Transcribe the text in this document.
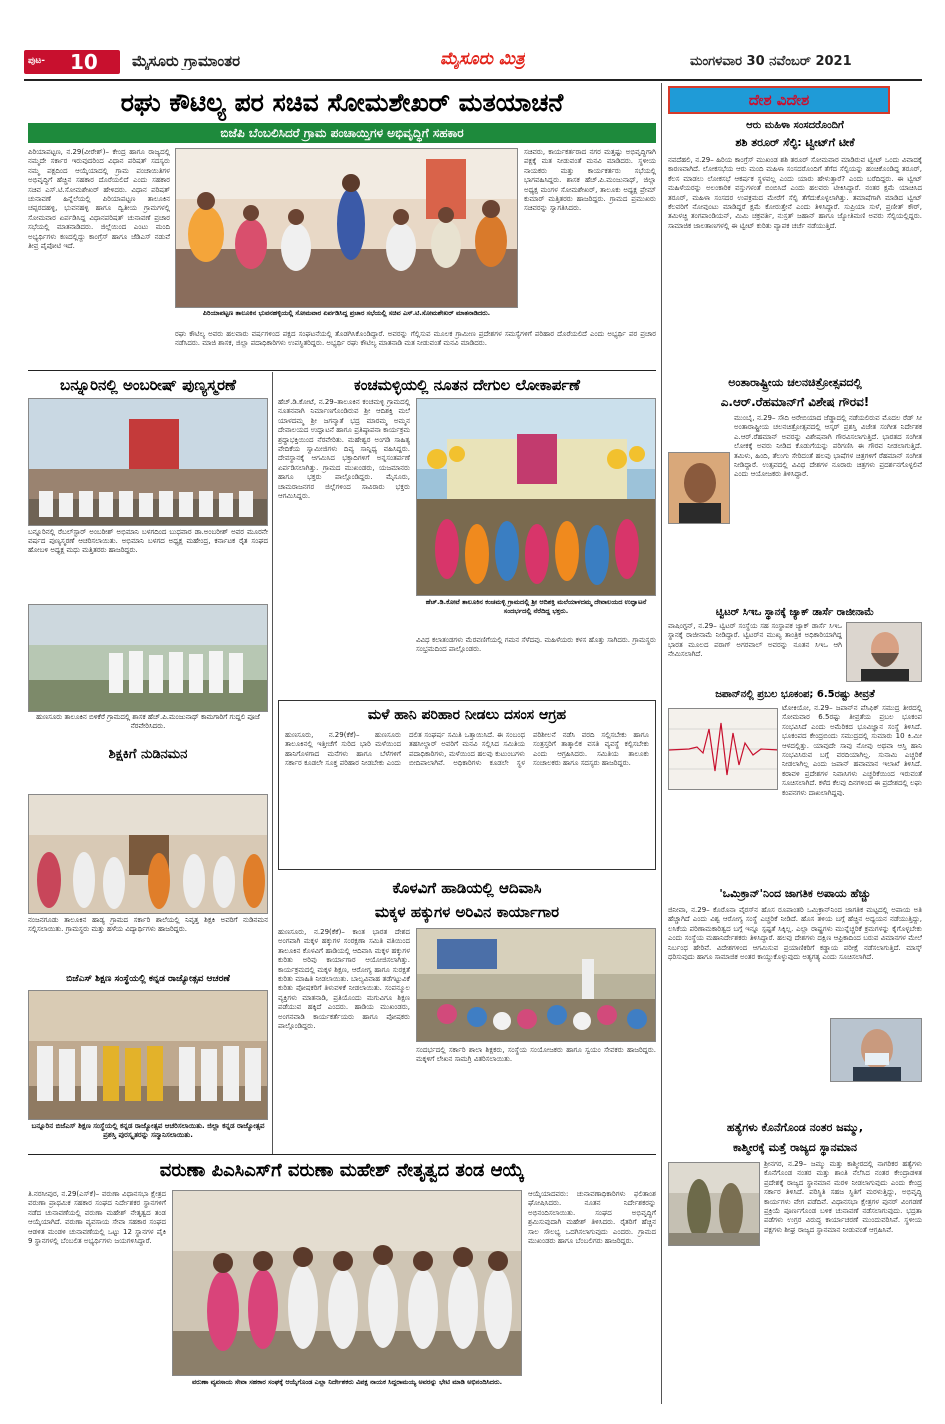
ಪುಟ- 10 ಮೈಸೂರು ಗ್ರಾಮಾಂತರ	ಮೈಸೂರು ಮಿತ್ರ	ಮಂಗಳವಾರ 30 ನವೆಂಬರ್ 2021
ರಘು ಕೌಟಿಲ್ಯ ಪರ ಸಚಿವ ಸೋಮಶೇಖರ್ ಮತಯಾಚನೆ
ಬಿಜೆಪಿ ಬೆಂಬಲಿಸಿದರೆ ಗ್ರಾಮ ಪಂಚಾಯ್ತಿಗಳ ಅಭಿವೃದ್ಧಿಗೆ ಸಹಕಾರ
ಪಿರಿಯಾಪಟ್ಟಣ, ನ.29(ವೀರೇಶ್)– ಕೇಂದ್ರ ಹಾಗೂ ರಾಜ್ಯದಲ್ಲಿ ನಮ್ಮದೇ ಸರ್ಕಾರ ಇರುವುದರಿಂದ ವಿಧಾನ ಪರಿಷತ್ ಸದಸ್ಯರು ನಮ್ಮ ಪಕ್ಷದಿಂದ ಆಯ್ಕೆಯಾದಲ್ಲಿ ಗ್ರಾಮ ಪಂಚಾಯಿತಿಗಳ ಅಭಿವೃದ್ಧಿಗೆ ಹೆಚ್ಚಿನ ಸಹಕಾರ ದೊರೆಯಲಿದೆ ಎಂದು ಸಹಕಾರ ಸಚಿವ ಎಸ್.ಟಿ.ಸೋಮಶೇಖರ್ ಹೇಳಿದರು. ವಿಧಾನ ಪರಿಷತ್ ಚುನಾವಣೆ ಹಿನ್ನೆಲೆಯಲ್ಲಿ ಪಿರಿಯಾಪಟ್ಟಣ ತಾಲೂಕಿನ ಚಪ್ಪರದಹಳ್ಳಿ, ಭುವನಹಳ್ಳಿ ಹಾಗೂ ದ್ವಿತೀಯ ಗ್ರಾಮಗಳಲ್ಲಿ ಸೋಮವಾರ ಏರ್ಪಡಿಸಿದ್ದ ವಿಧಾನಪರಿಷತ್ ಚುನಾವಣೆ ಪ್ರಚಾರ ಸಭೆಯಲ್ಲಿ ಮಾತನಾಡಿದರು. ಜಿಲ್ಲೆಯಿಂದ ಎಂಟು ಮಂದಿ ಅಭ್ಯರ್ಥಿಗಳು ಕಣದಲ್ಲಿದ್ದು ಕಾಂಗ್ರೆಸ್ ಹಾಗೂ ಜೆಡಿಎಸ್ ನಡುವೆ ತೀವ್ರ ಪೈಪೋಟಿ ಇದೆ.
ಪಿರಿಯಾಪಟ್ಟಣ ತಾಲೂಕಿನ ಭುವನಹಳ್ಳಿಯಲ್ಲಿ ಸೋಮವಾರ ಏರ್ಪಡಿಸಿದ್ದ ಪ್ರಚಾರ ಸಭೆಯಲ್ಲಿ ಸಚಿವ ಎಸ್.ಟಿ.ಸೋಮಶೇಖರ್ ಮಾತನಾಡಿದರು.
ಸಚಿವರು, ಕಾರ್ಯಕರ್ತರಾದ ನಗರ ಮತ್ತಷ್ಟು ಅಭಿವೃದ್ಧಿಗಾಗಿ ಪಕ್ಷಕ್ಕೆ ಮತ ನೀಡುವಂತೆ ಮನವಿ ಮಾಡಿದರು. ಸ್ಥಳೀಯ ನಾಯಕರು ಮತ್ತು ಕಾರ್ಯಕರ್ತರು ಸಭೆಯಲ್ಲಿ ಭಾಗವಹಿಸಿದ್ದರು. ಶಾಸಕ ಹೆಚ್.ಪಿ.ಮಂಜುನಾಥ್, ಜಿಲ್ಲಾ ಅಧ್ಯಕ್ಷ ಮಂಗಳ ಸೋಮಶೇಖರ್, ತಾಲೂಕು ಅಧ್ಯಕ್ಷ ಪ್ರೇಮ್ ಕುಮಾರ್ ಮತ್ತಿತರರು ಹಾಜರಿದ್ದರು. ಗ್ರಾಮದ ಪ್ರಮುಖರು ಸಚಿವರನ್ನು ಸ್ವಾಗತಿಸಿದರು.
ರಘು ಕೌಟಿಲ್ಯ ಅವರು ಹಲವಾರು ವರ್ಷಗಳಿಂದ ಪಕ್ಷದ ಸಂಘಟನೆಯಲ್ಲಿ ತೊಡಗಿಸಿಕೊಂಡಿದ್ದಾರೆ. ಅವರನ್ನು ಗೆಲ್ಲಿಸುವ ಮೂಲಕ ಗ್ರಾಮೀಣ ಪ್ರದೇಶಗಳ ಸಮಸ್ಯೆಗಳಿಗೆ ಪರಿಹಾರ ದೊರೆಯಲಿದೆ ಎಂದು ಅಭ್ಯರ್ಥಿ ಪರ ಪ್ರಚಾರ ನಡೆಸಿದರು. ಮಾಜಿ ಶಾಸಕ, ಜಿಲ್ಲಾ ಪದಾಧಿಕಾರಿಗಳು ಉಪಸ್ಥಿತರಿದ್ದರು. ಅಭ್ಯರ್ಥಿ ರಘು ಕೌಟಿಲ್ಯ ಮಾತನಾಡಿ ಮತ ನೀಡುವಂತೆ ಮನವಿ ಮಾಡಿದರು.
ಬನ್ನೂರಿನಲ್ಲಿ ಅಂಬರೀಷ್ ಪುಣ್ಯಸ್ಮರಣೆ
ಬನ್ನೂರಿನಲ್ಲಿ ರೆಬಲ್‌ಸ್ಟಾರ್ ಅಂಬರೀಶ್ ಅಭಿಮಾನಿ ಬಳಗದಿಂದ ಬುಧವಾರ ಡಾ.ಅಂಬರೀಶ್ ಅವರ ಮೂರನೇ ವರ್ಷದ ಪುಣ್ಯಸ್ಮರಣೆ ಆಚರಿಸಲಾಯಿತು. ಅಭಿಮಾನಿ ಬಳಗದ ಅಧ್ಯಕ್ಷ ಮಹೇಂದ್ರ, ಕರ್ನಾಟಕ ರೈತ ಸಂಘದ ಹೋಬಳಿ ಅಧ್ಯಕ್ಷ ಮಧು ಮತ್ತಿತರರು ಹಾಜರಿದ್ದರು.
ಹುಣಸೂರು ತಾಲೂಕಿನ ಬಿಳಿಕೆರೆ ಗ್ರಾಮದಲ್ಲಿ ಶಾಸಕ ಹೆಚ್.ಪಿ.ಮಂಜುನಾಥ್ ಕಾಮಗಾರಿಗೆ ಗುದ್ದಲಿ ಪೂಜೆ ನೆರವೇರಿಸಿದರು.
ಶಿಕ್ಷಕಿಗೆ ನುಡಿನಮನ
ನಂಜನಗೂಡು ತಾಲೂಕಿನ ಹಾಡ್ಯ ಗ್ರಾಮದ ಸರ್ಕಾರಿ ಶಾಲೆಯಲ್ಲಿ ನಿವೃತ್ತ ಶಿಕ್ಷಕಿ ಅವರಿಗೆ ನುಡಿನಮನ ಸಲ್ಲಿಸಲಾಯಿತು. ಗ್ರಾಮಸ್ಥರು ಮತ್ತು ಹಳೆಯ ವಿದ್ಯಾರ್ಥಿಗಳು ಹಾಜರಿದ್ದರು.
ಬಿಜೆಎಸ್ ಶಿಕ್ಷಣ ಸಂಸ್ಥೆಯಲ್ಲಿ ಕನ್ನಡ ರಾಜ್ಯೋತ್ಸವ ಆಚರಣೆ
ಬನ್ನೂರಿನ ಬಿಜೆಎಸ್ ಶಿಕ್ಷಣ ಸಂಸ್ಥೆಯಲ್ಲಿ ಕನ್ನಡ ರಾಜ್ಯೋತ್ಸವ ಆಚರಿಸಲಾಯಿತು. ಜಿಲ್ಲಾ ಕನ್ನಡ ರಾಜ್ಯೋತ್ಸವ ಪ್ರಶಸ್ತಿ ಪುರಸ್ಕೃತರನ್ನು ಸನ್ಮಾನಿಸಲಾಯಿತು.
ಕಂಚಮಳ್ಳಿಯಲ್ಲಿ ನೂತನ ದೇಗುಲ ಲೋಕಾರ್ಪಣೆ
ಹೆಚ್.ಡಿ.ಕೋಟೆ, ನ.29–ತಾಲೂಕಿನ ಕಂಚಮಳ್ಳಿ ಗ್ರಾಮದಲ್ಲಿ ನೂತನವಾಗಿ ನಿರ್ಮಾಣಗೊಂಡಿರುವ ಶ್ರೀ ಆದಿಶಕ್ತಿ ಮಲೆ ಯಾಳದಮ್ಮ ಶ್ರೀ ಜಗನ್ಮಾತೆ ಭದ್ರ ಮಾರಮ್ಮ ಅಮ್ಮನ ದೇವಾಲಯದ ಉದ್ಘಾಟನೆ ಹಾಗೂ ಪ್ರತಿಷ್ಠಾಪನಾ ಕಾರ್ಯಕ್ರಮ ಶ್ರದ್ಧಾಭಕ್ತಿಯಿಂದ ನೆರವೇರಿತು. ಮಹೇಶ್ವರ ಅಂಗಡಿ ಸಾಹಿತ್ಯ ವೇದಿಕೆಯ ಸ್ವಾಮೀಜಿಗಳು ದಿವ್ಯ ಸಾನ್ನಿಧ್ಯ ವಹಿಸಿದ್ದರು. ದೇವಸ್ಥಾನಕ್ಕೆ ಆಗಮಿಸಿದ ಭಕ್ತಾದಿಗಳಿಗೆ ಅನ್ನಸಂತರ್ಪಣೆ ಏರ್ಪಡಿಸಲಾಗಿತ್ತು. ಗ್ರಾಮದ ಮುಖಂಡರು, ಯಜಮಾನರು ಹಾಗೂ ಭಕ್ತರು ಪಾಲ್ಗೊಂಡಿದ್ದರು. ಮೈಸೂರು, ಚಾಮರಾಜನಗರ ಜಿಲ್ಲೆಗಳಿಂದ ಸಾವಿರಾರು ಭಕ್ತರು ಆಗಮಿಸಿದ್ದರು.
ಹೆಚ್.ಡಿ.ಕೋಟೆ ತಾಲೂಕಿನ ಕಂಚಮಳ್ಳಿ ಗ್ರಾಮದಲ್ಲಿ ಶ್ರೀ ಆದಿಶಕ್ತಿ ಮಲೆಯಾಳದಮ್ಮ ದೇವಾಲಯದ ಉದ್ಘಾಟನೆ ಸಂದರ್ಭದಲ್ಲಿ ನೆರೆದಿದ್ದ ಭಕ್ತರು.
ವಿವಿಧ ಕಲಾತಂಡಗಳು ಮೆರವಣಿಗೆಯಲ್ಲಿ ಗಮನ ಸೆಳೆದವು. ಮಹಿಳೆಯರು ಕಳಸ ಹೊತ್ತು ಸಾಗಿದರು. ಗ್ರಾಮಸ್ಥರು ಸಂಭ್ರಮದಿಂದ ಪಾಲ್ಗೊಂಡರು.
ಮಳೆ ಹಾನಿ ಪರಿಹಾರ ನೀಡಲು ದಸಂಸ ಆಗ್ರಹ
ಹುಣಸೂರು, ನ.29(ಕೆಕೆ)– ಹುಣಸೂರು ತಾಲೂಕಿನಲ್ಲಿ ಇತ್ತೀಚೆಗೆ ಸುರಿದ ಭಾರಿ ಮಳೆಯಿಂದ ಹಾನಿಗೊಳಗಾದ ಮನೆಗಳು ಹಾಗೂ ಬೆಳೆಗಳಿಗೆ ಸರ್ಕಾರ ಕೂಡಲೇ ಸೂಕ್ತ ಪರಿಹಾರ ನೀಡಬೇಕು ಎಂದು ದಲಿತ ಸಂಘರ್ಷ ಸಮಿತಿ ಒತ್ತಾಯಿಸಿದೆ. ಈ ಸಂಬಂಧ ತಹಸೀಲ್ದಾರ್ ಅವರಿಗೆ ಮನವಿ ಸಲ್ಲಿಸಿದ ಸಮಿತಿಯ ಪದಾಧಿಕಾರಿಗಳು, ಮಳೆಯಿಂದ ಹಲವು ಕುಟುಂಬಗಳು ಬೀದಿಪಾಲಾಗಿವೆ. ಅಧಿಕಾರಿಗಳು ಕೂಡಲೇ ಸ್ಥಳ ಪರಿಶೀಲನೆ ನಡೆಸಿ ವರದಿ ಸಲ್ಲಿಸಬೇಕು ಹಾಗೂ ಸಂತ್ರಸ್ತರಿಗೆ ತಾತ್ಕಾಲಿಕ ವಸತಿ ವ್ಯವಸ್ಥೆ ಕಲ್ಪಿಸಬೇಕು ಎಂದು ಆಗ್ರಹಿಸಿದರು. ಸಮಿತಿಯ ತಾಲೂಕು ಸಂಚಾಲಕರು ಹಾಗೂ ಸದಸ್ಯರು ಹಾಜರಿದ್ದರು.
ಕೊಳವಿಗೆ ಹಾಡಿಯಲ್ಲಿ ಆದಿವಾಸಿ
ಮಕ್ಕಳ ಹಕ್ಕುಗಳ ಅರಿವಿನ ಕಾರ್ಯಾಗಾರ
ಹುಣಸೂರು, ನ.29(ಕೆಕೆ)– ಕಾಂತ ಭಾರತ ದೇಶದ ಅಂಗವಾಗಿ ಮಕ್ಕಳ ಹಕ್ಕುಗಳ ಸಂರಕ್ಷಣಾ ಸಮಿತಿ ವತಿಯಿಂದ ತಾಲೂಕಿನ ಕೊಳವಿಗೆ ಹಾಡಿಯಲ್ಲಿ ಆದಿವಾಸಿ ಮಕ್ಕಳ ಹಕ್ಕುಗಳ ಕುರಿತು ಅರಿವು ಕಾರ್ಯಾಗಾರ ಆಯೋಜಿಸಲಾಗಿತ್ತು. ಕಾರ್ಯಕ್ರಮದಲ್ಲಿ ಮಕ್ಕಳ ಶಿಕ್ಷಣ, ಆರೋಗ್ಯ ಹಾಗೂ ಸುರಕ್ಷತೆ ಕುರಿತು ಮಾಹಿತಿ ನೀಡಲಾಯಿತು. ಬಾಲ್ಯವಿವಾಹ ತಡೆಗಟ್ಟುವಿಕೆ ಕುರಿತು ಪೋಷಕರಿಗೆ ತಿಳುವಳಿಕೆ ನೀಡಲಾಯಿತು. ಸಂಪನ್ಮೂಲ ವ್ಯಕ್ತಿಗಳು ಮಾತನಾಡಿ, ಪ್ರತಿಯೊಂದು ಮಗುವಿಗೂ ಶಿಕ್ಷಣ ಪಡೆಯುವ ಹಕ್ಕಿದೆ ಎಂದರು. ಹಾಡಿಯ ಮುಖಂಡರು, ಅಂಗನವಾಡಿ ಕಾರ್ಯಕರ್ತೆಯರು ಹಾಗೂ ಪೋಷಕರು ಪಾಲ್ಗೊಂಡಿದ್ದರು.
ಸಂದರ್ಭದಲ್ಲಿ ಸರ್ಕಾರಿ ಶಾಲಾ ಶಿಕ್ಷಕರು, ಸಂಸ್ಥೆಯ ಸಂಯೋಜಕರು ಹಾಗೂ ಸ್ವಯಂ ಸೇವಕರು ಹಾಜರಿದ್ದರು. ಮಕ್ಕಳಿಗೆ ಲೇಖನ ಸಾಮಗ್ರಿ ವಿತರಿಸಲಾಯಿತು.
ವರುಣಾ ಪಿಎಸಿಎಸ್‌ಗೆ ವರುಣಾ ಮಹೇಶ್ ನೇತೃತ್ವದ ತಂಡ ಆಯ್ಕೆ
ತಿ.ನರಸೀಪುರ, ನ.29(ಎಸ್‌ಕೆ)– ವರುಣಾ ವಿಧಾನಸಭಾ ಕ್ಷೇತ್ರದ ವರುಣಾ ಪ್ರಾಥಮಿಕ ಸಹಕಾರ ಸಂಘದ ನಿರ್ದೇಶಕರ ಸ್ಥಾನಗಳಿಗೆ ನಡೆದ ಚುನಾವಣೆಯಲ್ಲಿ ವರುಣಾ ಮಹೇಶ್ ನೇತೃತ್ವದ ತಂಡ ಆಯ್ಕೆಯಾಗಿದೆ. ವರುಣಾ ವ್ಯವಸಾಯ ಸೇವಾ ಸಹಕಾರ ಸಂಘದ ಆಡಳಿತ ಮಂಡಳಿ ಚುನಾವಣೆಯಲ್ಲಿ ಒಟ್ಟು 12 ಸ್ಥಾನಗಳ ಪೈಕಿ 9 ಸ್ಥಾನಗಳಲ್ಲಿ ಬೆಂಬಲಿತ ಅಭ್ಯರ್ಥಿಗಳು ಜಯಗಳಿಸಿದ್ದಾರೆ.
ವರುಣಾ ವ್ಯವಸಾಯ ಸೇವಾ ಸಹಕಾರ ಸಂಘಕ್ಕೆ ಆಯ್ಕೆಗೊಂಡ ಎಲ್ಲಾ ನಿರ್ದೇಶಕರು ವಿಪಕ್ಷ ನಾಯಕ ಸಿದ್ದರಾಮಯ್ಯ ಅವರನ್ನು ಭೇಟಿ ಮಾಡಿ ಅಭಿನಂದಿಸಿದರು.
ಆಯ್ಕೆಯಾದವರು: ಚುನಾವಣಾಧಿಕಾರಿಗಳು ಫಲಿತಾಂಶ ಘೋಷಿಸಿದರು. ನೂತನ ನಿರ್ದೇಶಕರನ್ನು ಅಭಿನಂದಿಸಲಾಯಿತು. ಸಂಘದ ಅಭಿವೃದ್ಧಿಗೆ ಶ್ರಮಿಸುವುದಾಗಿ ಮಹೇಶ್ ತಿಳಿಸಿದರು. ರೈತರಿಗೆ ಹೆಚ್ಚಿನ ಸಾಲ ಸೌಲಭ್ಯ ಒದಗಿಸಲಾಗುವುದು ಎಂದರು. ಗ್ರಾಮದ ಮುಖಂಡರು ಹಾಗೂ ಬೆಂಬಲಿಗರು ಹಾಜರಿದ್ದರು.
ದೇಶ ವಿದೇಶ
ಆರು ಮಹಿಳಾ ಸಂಸದರೊಂದಿಗೆ
ಶಶಿ ತರೂರ್ ಸೆಲ್ಫಿ: ಟ್ವೀಟ್‌ಗೆ ಟೀಕೆ
ನವದೆಹಲಿ, ನ.29– ಹಿರಿಯ ಕಾಂಗ್ರೆಸ್ ಮುಖಂಡ ಶಶಿ ತರೂರ್ ಸೋಮವಾರ ಮಾಡಿರುವ ಟ್ವೀಟ್ ಒಂದು ವಿವಾದಕ್ಕೆ ಕಾರಣವಾಗಿದೆ. ಲೋಕಸಭೆಯ ಆರು ಮಂದಿ ಮಹಿಳಾ ಸಂಸದರೊಂದಿಗೆ ತೆಗೆದ ಸೆಲ್ಫಿಯನ್ನು ಹಂಚಿಕೊಂಡಿದ್ದ ತರೂರ್, ಕೆಲಸ ಮಾಡಲು ಲೋಕಸಭೆ ಆಕರ್ಷಕ ಸ್ಥಳವಲ್ಲ ಎಂದು ಯಾರು ಹೇಳುತ್ತಾರೆ? ಎಂದು ಬರೆದಿದ್ದರು. ಈ ಟ್ವೀಟ್ ಮಹಿಳೆಯರನ್ನು ಅಲಂಕಾರಿಕ ವಸ್ತುಗಳಂತೆ ಬಿಂಬಿಸಿದೆ ಎಂದು ಹಲವರು ಟೀಕಿಸಿದ್ದಾರೆ. ನಂತರ ಕ್ಷಮೆ ಯಾಚಿಸಿದ ತರೂರ್, ಮಹಿಳಾ ಸಂಸದರ ಉಪಕ್ರಮದ ಮೇರೆಗೆ ಸೆಲ್ಫಿ ತೆಗೆದುಕೊಳ್ಳಲಾಗಿತ್ತು. ತಮಾಷೆಗಾಗಿ ಮಾಡಿದ ಟ್ವೀಟ್ ಕೆಲವರಿಗೆ ನೋವುಂಟು ಮಾಡಿದ್ದರೆ ಕ್ಷಮೆ ಕೋರುತ್ತೇನೆ ಎಂದು ತಿಳಿಸಿದ್ದಾರೆ. ಸುಪ್ರಿಯಾ ಸುಳೆ, ಪ್ರಣೀತ್ ಕೌರ್, ತಮಿಳಚ್ಚಿ ತಂಗಪಾಂಡಿಯನ್, ಮಿಮಿ ಚಕ್ರವರ್ತಿ, ನುಸ್ರತ್ ಜಹಾನ್ ಹಾಗೂ ಜ್ಯೋತಿಮಣಿ ಅವರು ಸೆಲ್ಫಿಯಲ್ಲಿದ್ದರು. ಸಾಮಾಜಿಕ ಜಾಲತಾಣಗಳಲ್ಲಿ ಈ ಟ್ವೀಟ್ ಕುರಿತು ವ್ಯಾಪಕ ಚರ್ಚೆ ನಡೆಯುತ್ತಿದೆ.
ಅಂತಾರಾಷ್ಟ್ರೀಯ ಚಲನಚಿತ್ರೋತ್ಸವದಲ್ಲಿ
ಎ.ಆರ್.ರೆಹಮಾನ್‌ಗೆ ವಿಶೇಷ ಗೌರವ!
ಮುಂಬೈ, ನ.29– ಸೌದಿ ಅರೇಬಿಯಾದ ಜೆಡ್ಡಾದಲ್ಲಿ ನಡೆಯಲಿರುವ ಮೊದಲ ರೆಡ್ ಸೀ ಅಂತಾರಾಷ್ಟ್ರೀಯ ಚಲನಚಿತ್ರೋತ್ಸವದಲ್ಲಿ ಆಸ್ಕರ್ ಪ್ರಶಸ್ತಿ ವಿಜೇತ ಸಂಗೀತ ನಿರ್ದೇಶಕ ಎ.ಆರ್.ರೆಹಮಾನ್ ಅವರನ್ನು ವಿಶೇಷವಾಗಿ ಗೌರವಿಸಲಾಗುತ್ತಿದೆ. ಭಾರತದ ಸಂಗೀತ ಲೋಕಕ್ಕೆ ಅವರು ನೀಡಿದ ಕೊಡುಗೆಯನ್ನು ಪರಿಗಣಿಸಿ ಈ ಗೌರವ ನೀಡಲಾಗುತ್ತಿದೆ. ತಮಿಳು, ಹಿಂದಿ, ತೆಲುಗು ಸೇರಿದಂತೆ ಹಲವು ಭಾಷೆಗಳ ಚಿತ್ರಗಳಿಗೆ ರೆಹಮಾನ್ ಸಂಗೀತ ನೀಡಿದ್ದಾರೆ. ಉತ್ಸವದಲ್ಲಿ ವಿವಿಧ ದೇಶಗಳ ನೂರಾರು ಚಿತ್ರಗಳು ಪ್ರದರ್ಶನಗೊಳ್ಳಲಿವೆ ಎಂದು ಆಯೋಜಕರು ತಿಳಿಸಿದ್ದಾರೆ.
ಟ್ವಿಟರ್ ಸಿಇಒ ಸ್ಥಾನಕ್ಕೆ ಜ್ಯಾಕ್ ಡಾರ್ಸೆ ರಾಜೀನಾಮೆ
ವಾಷಿಂಗ್ಟನ್, ನ.29– ಟ್ವಿಟರ್ ಸಂಸ್ಥೆಯ ಸಹ ಸಂಸ್ಥಾಪಕ ಜ್ಯಾಕ್ ಡಾರ್ಸೆ ಸಿಇಒ ಸ್ಥಾನಕ್ಕೆ ರಾಜೀನಾಮೆ ನೀಡಿದ್ದಾರೆ. ಟ್ವಿಟರ್‌ನ ಮುಖ್ಯ ತಾಂತ್ರಿಕ ಅಧಿಕಾರಿಯಾಗಿದ್ದ ಭಾರತ ಮೂಲದ ಪರಾಗ್ ಅಗರವಾಲ್ ಅವರನ್ನು ನೂತನ ಸಿಇಒ ಆಗಿ ನೇಮಿಸಲಾಗಿದೆ.
ಜಪಾನ್‌ನಲ್ಲಿ ಪ್ರಬಲ ಭೂಕಂಪ; 6.5ರಷ್ಟು ತೀವ್ರತೆ
ಟೋಕಿಯೋ, ನ.29– ಜಪಾನ್‌ನ ಪೆಸಿಫಿಕ್ ಸಮುದ್ರ ತೀರದಲ್ಲಿ ಸೋಮವಾರ 6.5ರಷ್ಟು ತೀವ್ರತೆಯ ಪ್ರಬಲ ಭೂಕಂಪ ಸಂಭವಿಸಿದೆ ಎಂದು ಅಮೆರಿಕದ ಭೂವಿಜ್ಞಾನ ಸಂಸ್ಥೆ ತಿಳಿಸಿದೆ. ಭೂಕಂಪದ ಕೇಂದ್ರಬಿಂದು ಸಮುದ್ರದಲ್ಲಿ ಸುಮಾರು 10 ಕಿ.ಮೀ ಆಳದಲ್ಲಿತ್ತು. ಯಾವುದೇ ಸಾವು ನೋವು ಅಥವಾ ಆಸ್ತಿ ಹಾನಿ ಸಂಭವಿಸಿರುವ ಬಗ್ಗೆ ವರದಿಯಾಗಿಲ್ಲ. ಸುನಾಮಿ ಎಚ್ಚರಿಕೆ ನೀಡಲಾಗಿಲ್ಲ ಎಂದು ಜಪಾನ್ ಹವಾಮಾನ ಇಲಾಖೆ ತಿಳಿಸಿದೆ. ಕರಾವಳಿ ಪ್ರದೇಶಗಳ ನಿವಾಸಿಗಳು ಎಚ್ಚರಿಕೆಯಿಂದ ಇರುವಂತೆ ಸೂಚಿಸಲಾಗಿದೆ. ಕಳೆದ ಕೆಲವು ದಿನಗಳಿಂದ ಈ ಪ್ರದೇಶದಲ್ಲಿ ಲಘು ಕಂಪನಗಳು ದಾಖಲಾಗಿದ್ದವು.
'ಒಮಿಕ್ರಾನ್'ನಿಂದ ಜಾಗತಿಕ ಅಪಾಯ ಹೆಚ್ಚು
ಜಿನೀವಾ, ನ.29– ಕೊರೊನಾ ವೈರಸ್‌ನ ಹೊಸ ರೂಪಾಂತರಿ ಒಮಿಕ್ರಾನ್‌ನಿಂದ ಜಾಗತಿಕ ಮಟ್ಟದಲ್ಲಿ ಅಪಾಯ ಅತಿ ಹೆಚ್ಚಾಗಿದೆ ಎಂದು ವಿಶ್ವ ಆರೋಗ್ಯ ಸಂಸ್ಥೆ ಎಚ್ಚರಿಕೆ ನೀಡಿದೆ. ಹೊಸ ತಳಿಯ ಬಗ್ಗೆ ಹೆಚ್ಚಿನ ಅಧ್ಯಯನ ನಡೆಯುತ್ತಿದ್ದು, ಲಸಿಕೆಯ ಪರಿಣಾಮಕಾರಿತ್ವದ ಬಗ್ಗೆ ಇನ್ನೂ ಸ್ಪಷ್ಟತೆ ಸಿಕ್ಕಿಲ್ಲ. ಎಲ್ಲಾ ರಾಷ್ಟ್ರಗಳು ಮುನ್ನೆಚ್ಚರಿಕೆ ಕ್ರಮಗಳನ್ನು ಕೈಗೊಳ್ಳಬೇಕು ಎಂದು ಸಂಸ್ಥೆಯ ಮಹಾನಿರ್ದೇಶಕರು ತಿಳಿಸಿದ್ದಾರೆ. ಹಲವು ದೇಶಗಳು ದಕ್ಷಿಣ ಆಫ್ರಿಕಾದಿಂದ ಬರುವ ವಿಮಾನಗಳ ಮೇಲೆ ನಿರ್ಬಂಧ ಹೇರಿವೆ. ವಿದೇಶಗಳಿಂದ ಆಗಮಿಸುವ ಪ್ರಯಾಣಿಕರಿಗೆ ಕಡ್ಡಾಯ ಪರೀಕ್ಷೆ ನಡೆಸಲಾಗುತ್ತಿದೆ. ಮಾಸ್ಕ್ ಧರಿಸುವುದು ಹಾಗೂ ಸಾಮಾಜಿಕ ಅಂತರ ಕಾಯ್ದುಕೊಳ್ಳುವುದು ಅತ್ಯಗತ್ಯ ಎಂದು ಸೂಚಿಸಲಾಗಿದೆ.
ಹತ್ಯೆಗಳು ಕೊನೆಗೊಂಡ ನಂತರ ಜಮ್ಮು,
ಕಾಶ್ಮೀರಕ್ಕೆ ಮತ್ತೆ ರಾಜ್ಯದ ಸ್ಥಾನಮಾನ
ಶ್ರೀನಗರ, ನ.29– ಜಮ್ಮು ಮತ್ತು ಕಾಶ್ಮೀರದಲ್ಲಿ ನಾಗರಿಕರ ಹತ್ಯೆಗಳು ಕೊನೆಗೊಂಡ ನಂತರ ಮತ್ತು ಶಾಂತಿ ನೆಲೆಸಿದ ನಂತರ ಕೇಂದ್ರಾಡಳಿತ ಪ್ರದೇಶಕ್ಕೆ ರಾಜ್ಯದ ಸ್ಥಾನಮಾನ ಮರಳಿ ನೀಡಲಾಗುವುದು ಎಂದು ಕೇಂದ್ರ ಸರ್ಕಾರ ತಿಳಿಸಿದೆ. ಪರಿಸ್ಥಿತಿ ಸಹಜ ಸ್ಥಿತಿಗೆ ಮರಳುತ್ತಿದ್ದು, ಅಭಿವೃದ್ಧಿ ಕಾರ್ಯಗಳು ವೇಗ ಪಡೆದಿವೆ. ವಿಧಾನಸಭಾ ಕ್ಷೇತ್ರಗಳ ಪುನರ್ ವಿಂಗಡಣೆ ಪ್ರಕ್ರಿಯೆ ಪೂರ್ಣಗೊಂಡ ಬಳಿಕ ಚುನಾವಣೆ ನಡೆಸಲಾಗುವುದು. ಭದ್ರತಾ ಪಡೆಗಳು ಉಗ್ರರ ವಿರುದ್ಧ ಕಾರ್ಯಾಚರಣೆ ಮುಂದುವರಿಸಿವೆ. ಸ್ಥಳೀಯ ಪಕ್ಷಗಳು ಶೀಘ್ರ ರಾಜ್ಯದ ಸ್ಥಾನಮಾನ ನೀಡುವಂತೆ ಆಗ್ರಹಿಸಿವೆ.
